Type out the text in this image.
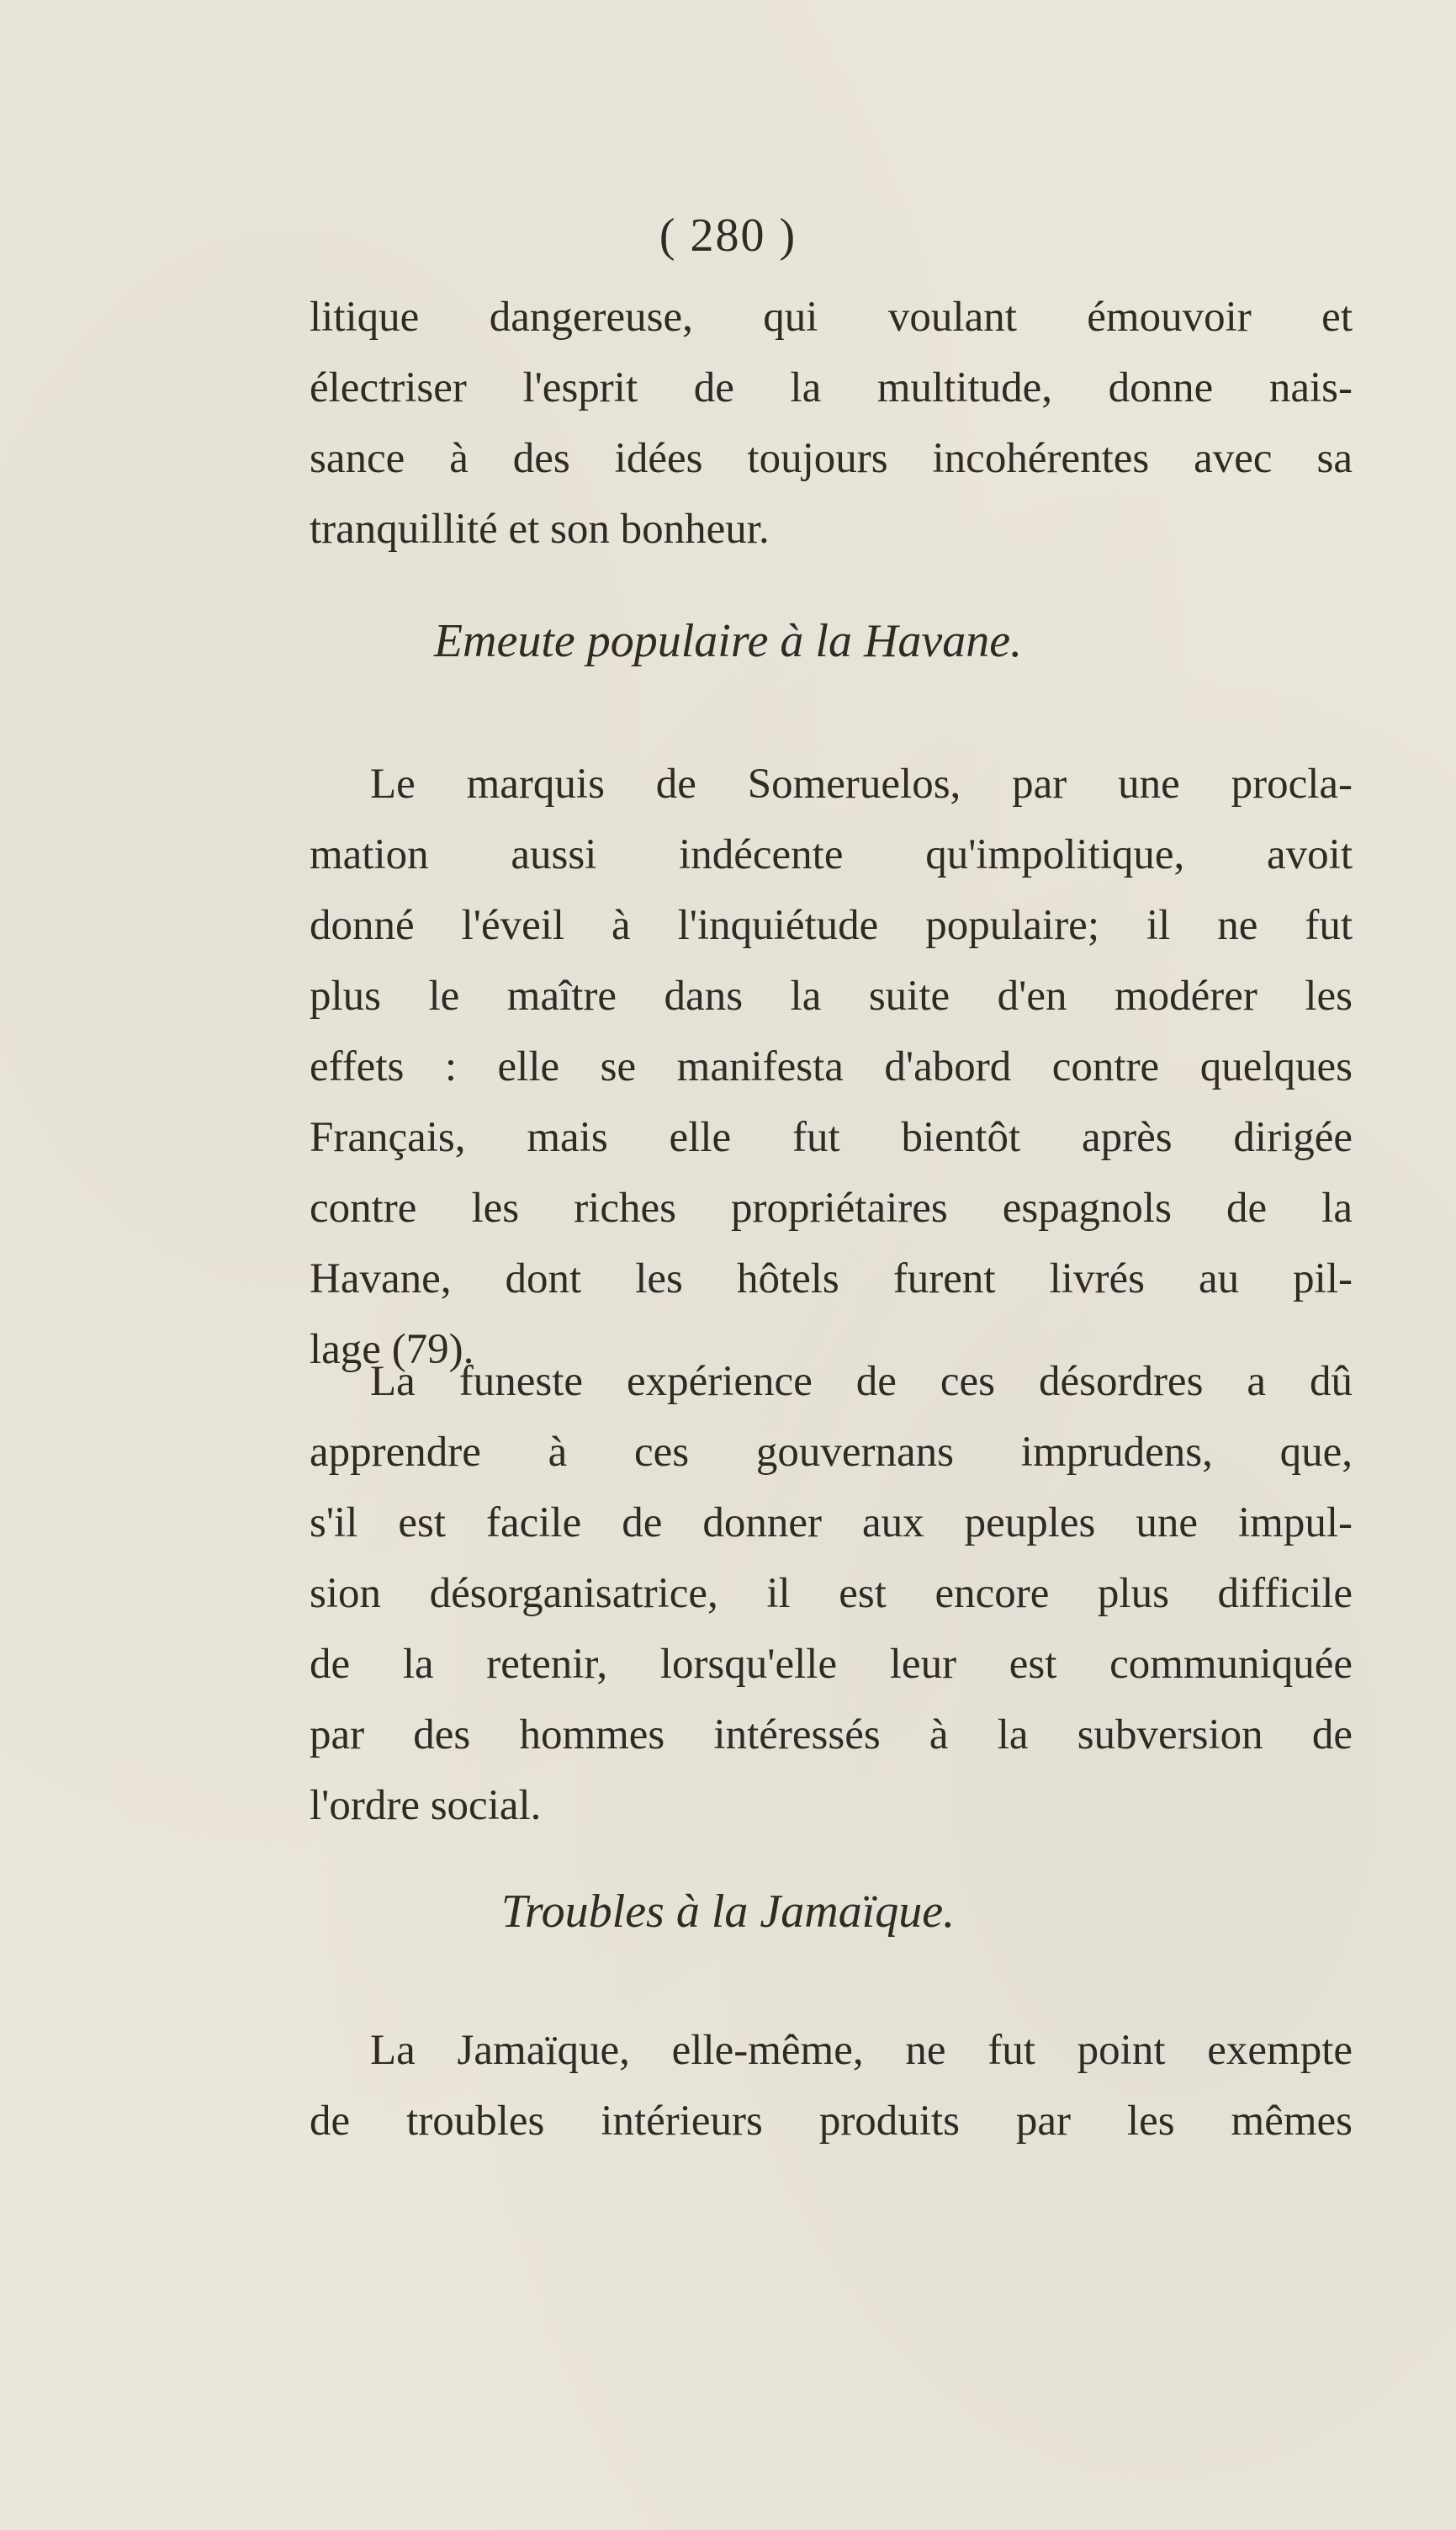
( 280 )
litique dangereuse, qui voulant émouvoir et
électriser l'esprit de la multitude, donne nais-
sance à des idées toujours incohérentes avec sa
tranquillité et son bonheur.
Emeute populaire à la Havane.
Le marquis de Someruelos, par une procla-
mation aussi indécente qu'impolitique, avoit
donné l'éveil à l'inquiétude populaire; il ne fut
plus le maître dans la suite d'en modérer les
effets : elle se manifesta d'abord contre quelques
Français, mais elle fut bientôt après dirigée
contre les riches propriétaires espagnols de la
Havane, dont les hôtels furent livrés au pil-
lage (79).
La funeste expérience de ces désordres a dû
apprendre à ces gouvernans imprudens, que,
s'il est facile de donner aux peuples une impul-
sion désorganisatrice, il est encore plus difficile
de la retenir, lorsqu'elle leur est communiquée
par des hommes intéressés à la subversion de
l'ordre social.
Troubles à la Jamaïque.
La Jamaïque, elle-même, ne fut point exempte
de troubles intérieurs produits par les mêmes
